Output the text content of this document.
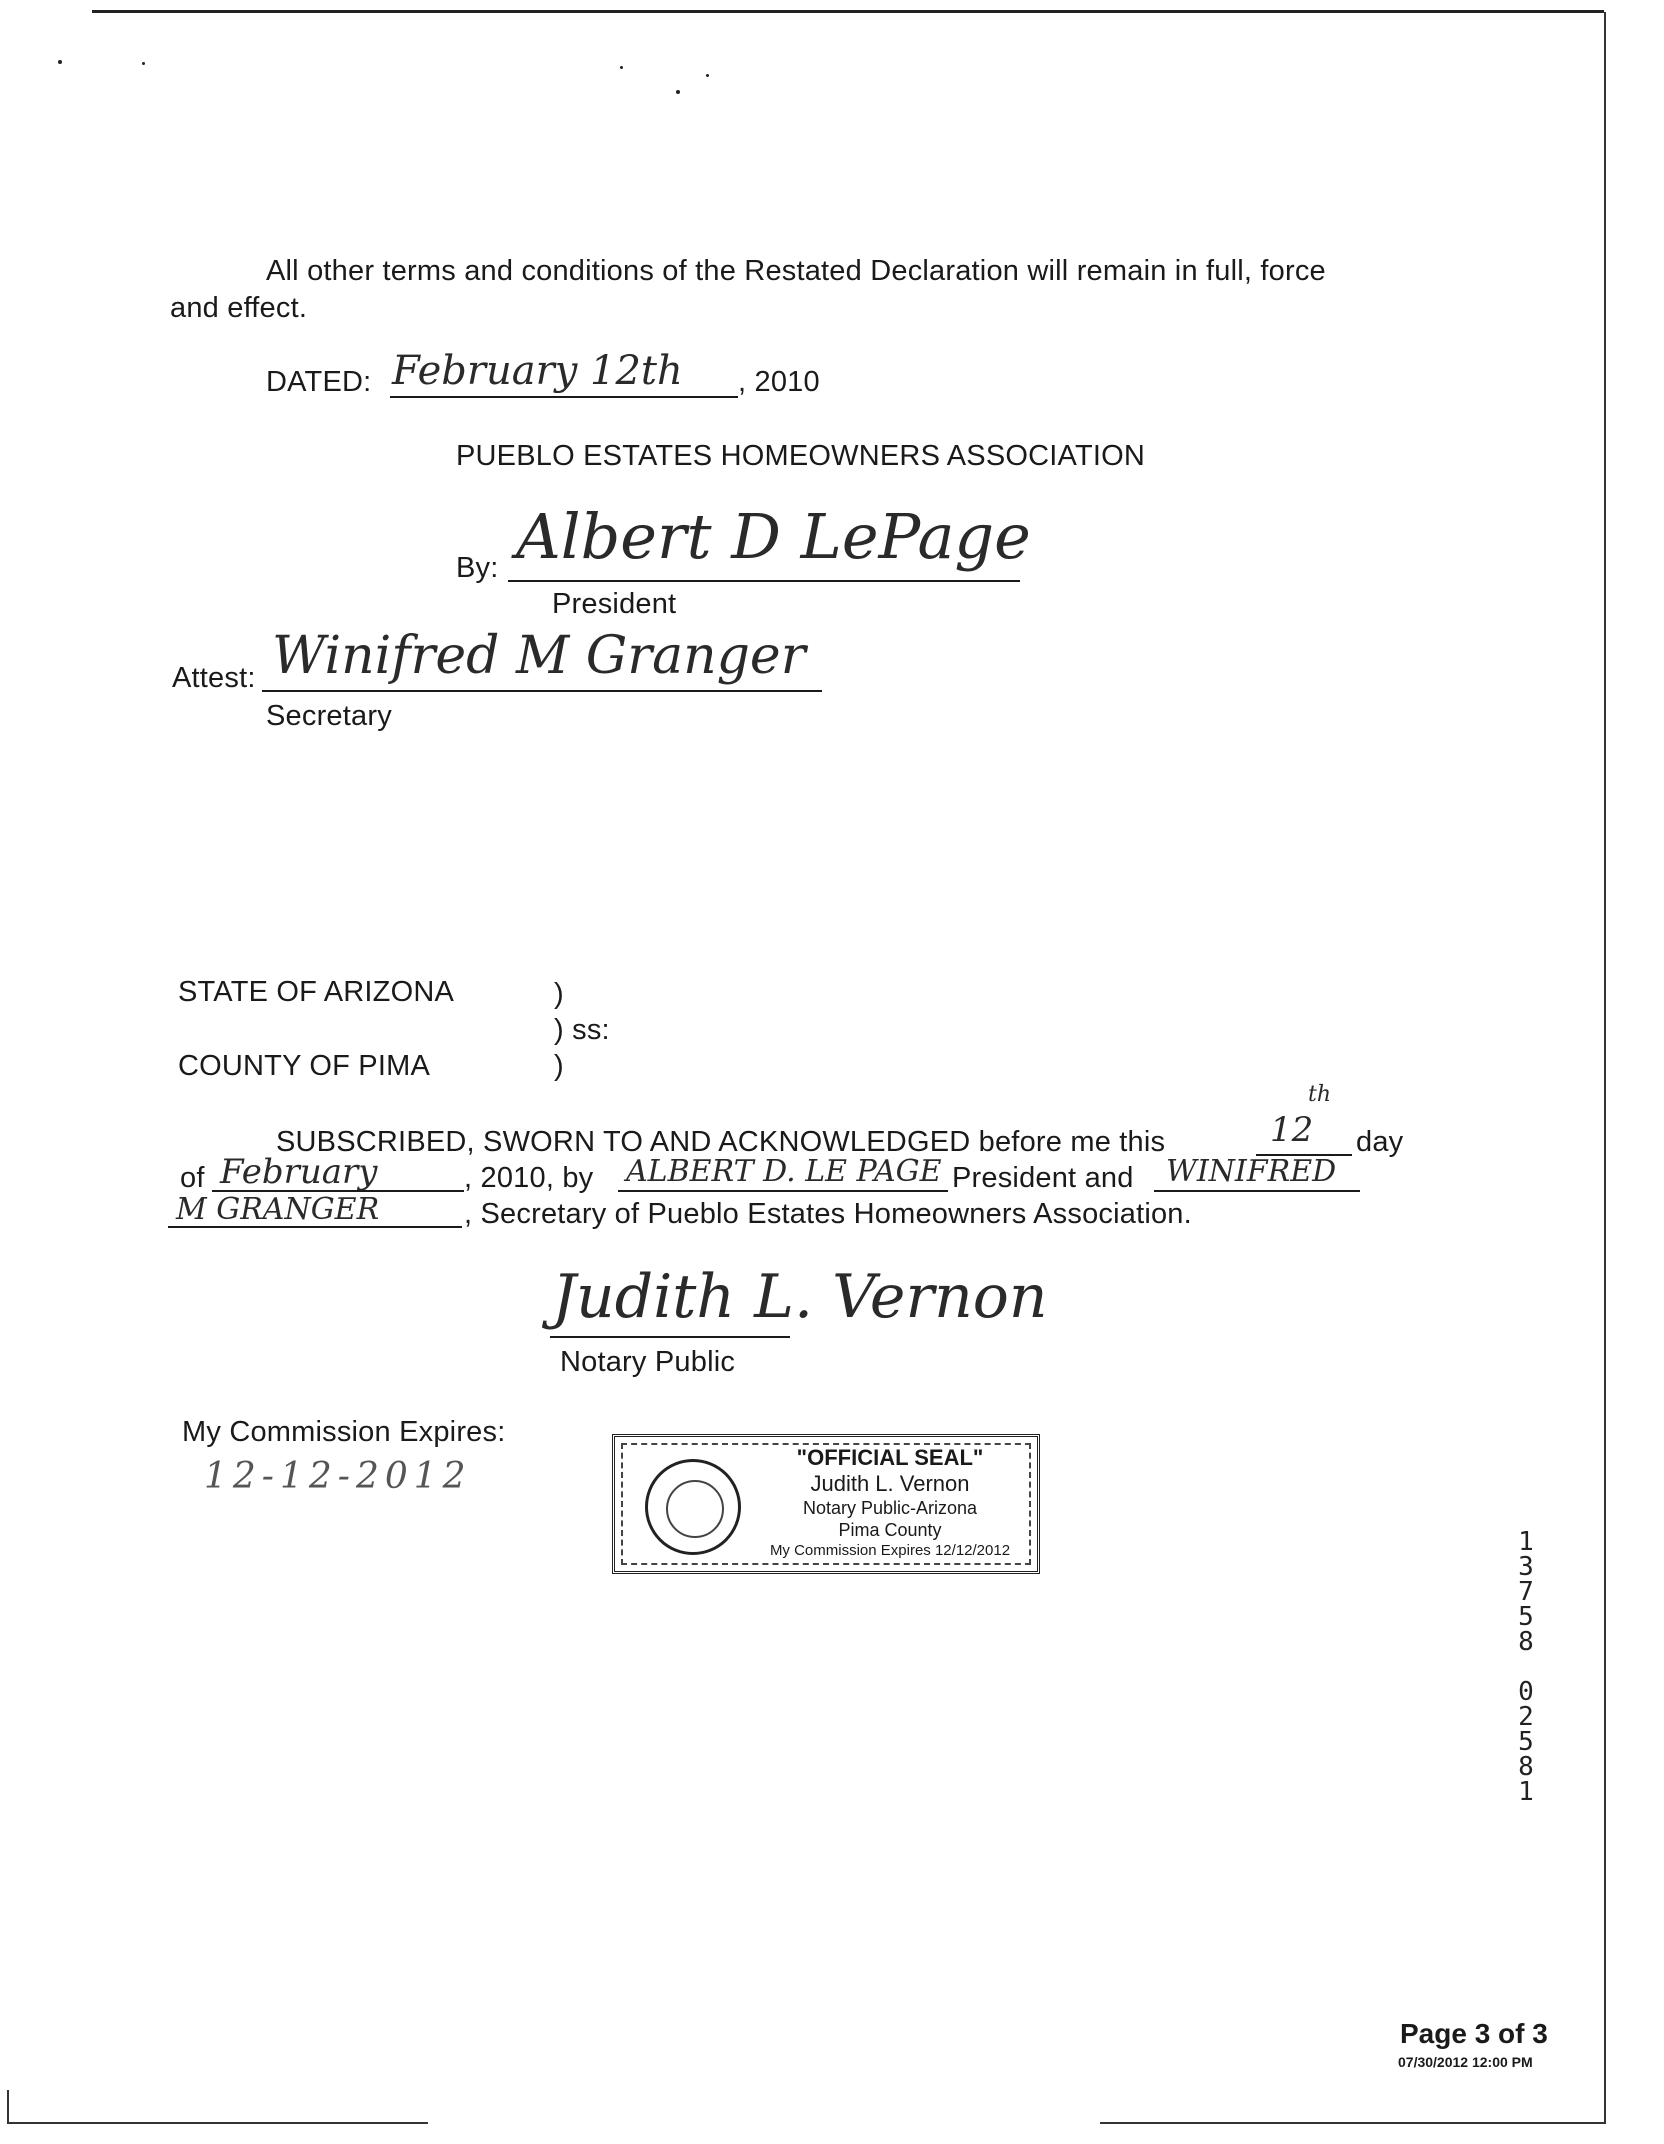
All other terms and conditions of the Restated Declaration will remain in full, force
and effect.
DATED: February 12th , 2010
PUEBLO ESTATES HOMEOWNERS ASSOCIATION
By: Albert D LePage
President
Attest: Winifred M Granger
Secretary
STATE OF ARIZONA	)
) ss:
COUNTY OF PIMA	)
SUBSCRIBED, SWORN TO AND ACKNOWLEDGED before me this	12
th
day
of February	, 2010, by ALBERT D. LE PAGE President and WINIFRED
M GRANGER	, Secretary of Pueblo Estates Homeowners Association.
Judith L. Vernon
Notary Public
My Commission Expires:
12-12-2012	"OFFICIAL SEAL"
Judith L. Vernon
Notary Public-Arizona
Pima County
My Commission Expires 12/12/2012	1
3
7
5
8

0
2
5
8
1
Page 3 of 3
07/30/2012 12:00 PM
